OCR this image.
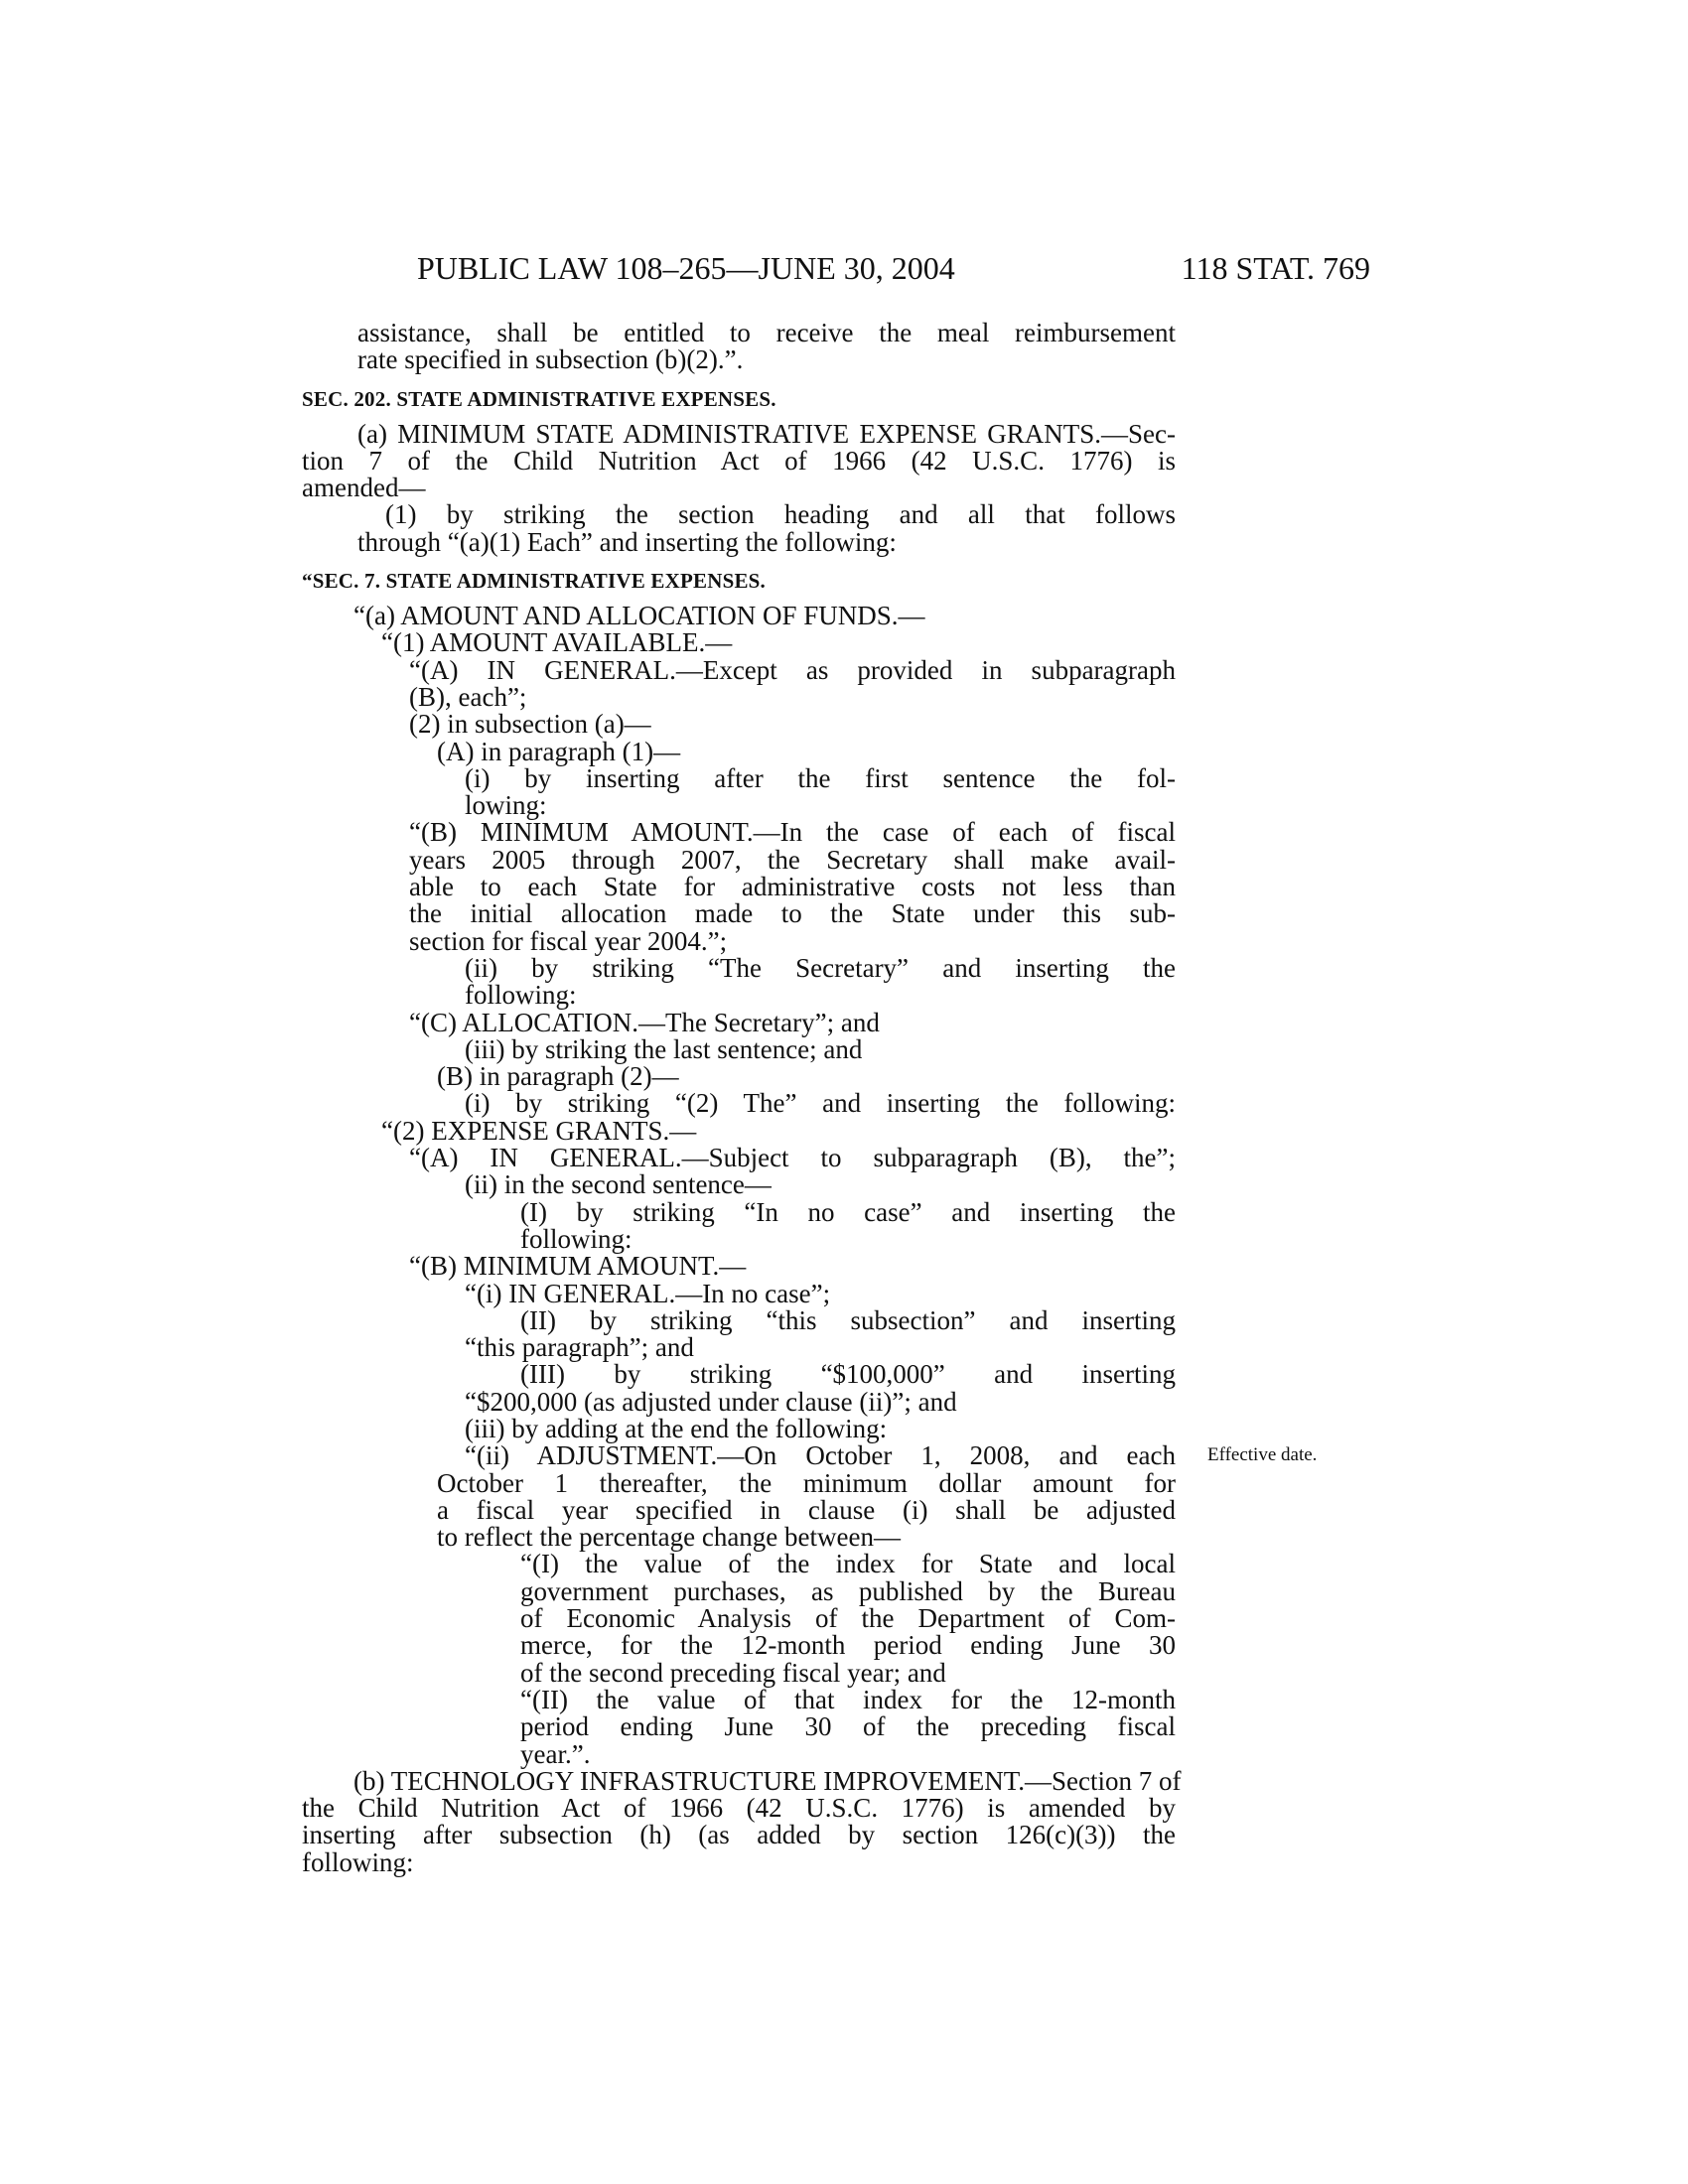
PUBLIC LAW 108–265—JUNE 30, 2004	118 STAT. 769
assistance, shall be entitled to receive the meal reimbursement
rate specified in subsection (b)(2).”.
SEC. 202. STATE ADMINISTRATIVE EXPENSES.
(a) MINIMUM STATE ADMINISTRATIVE EXPENSE GRANTS.—Sec-
tion 7 of the Child Nutrition Act of 1966 (42 U.S.C. 1776) is
amended—
(1) by striking the section heading and all that follows
through “(a)(1) Each” and inserting the following:
“SEC. 7. STATE ADMINISTRATIVE EXPENSES.
“(a) AMOUNT AND ALLOCATION OF FUNDS.—
“(1) AMOUNT AVAILABLE.—
“(A) IN GENERAL.—Except as provided in subparagraph
(B), each”;
(2) in subsection (a)—
(A) in paragraph (1)—
(i) by inserting after the first sentence the fol-
lowing:
“(B) MINIMUM AMOUNT.—In the case of each of fiscal
years 2005 through 2007, the Secretary shall make avail-
able to each State for administrative costs not less than
the initial allocation made to the State under this sub-
section for fiscal year 2004.”;
(ii) by striking “The Secretary” and inserting the
following:
“(C) ALLOCATION.—The Secretary”; and
(iii) by striking the last sentence; and
(B) in paragraph (2)—
(i) by striking “(2) The” and inserting the following:
“(2) EXPENSE GRANTS.—
“(A) IN GENERAL.—Subject to subparagraph (B), the”;
(ii) in the second sentence—
(I) by striking “In no case” and inserting the
following:
“(B) MINIMUM AMOUNT.—
“(i) IN GENERAL.—In no case”;
(II) by striking “this subsection” and inserting
“this paragraph”; and
(III) by striking “$100,000” and inserting
“$200,000 (as adjusted under clause (ii)”; and
(iii) by adding at the end the following:
“(ii) ADJUSTMENT.—On October 1, 2008, and each
October 1 thereafter, the minimum dollar amount for
a fiscal year specified in clause (i) shall be adjusted
to reflect the percentage change between—
“(I) the value of the index for State and local
government purchases, as published by the Bureau
of Economic Analysis of the Department of Com-
merce, for the 12-month period ending June 30
of the second preceding fiscal year; and
“(II) the value of that index for the 12-month
period ending June 30 of the preceding fiscal
year.”.
(b) TECHNOLOGY INFRASTRUCTURE IMPROVEMENT.—Section 7 of
the Child Nutrition Act of 1966 (42 U.S.C. 1776) is amended by
inserting after subsection (h) (as added by section 126(c)(3)) the
following:
Effective date.
